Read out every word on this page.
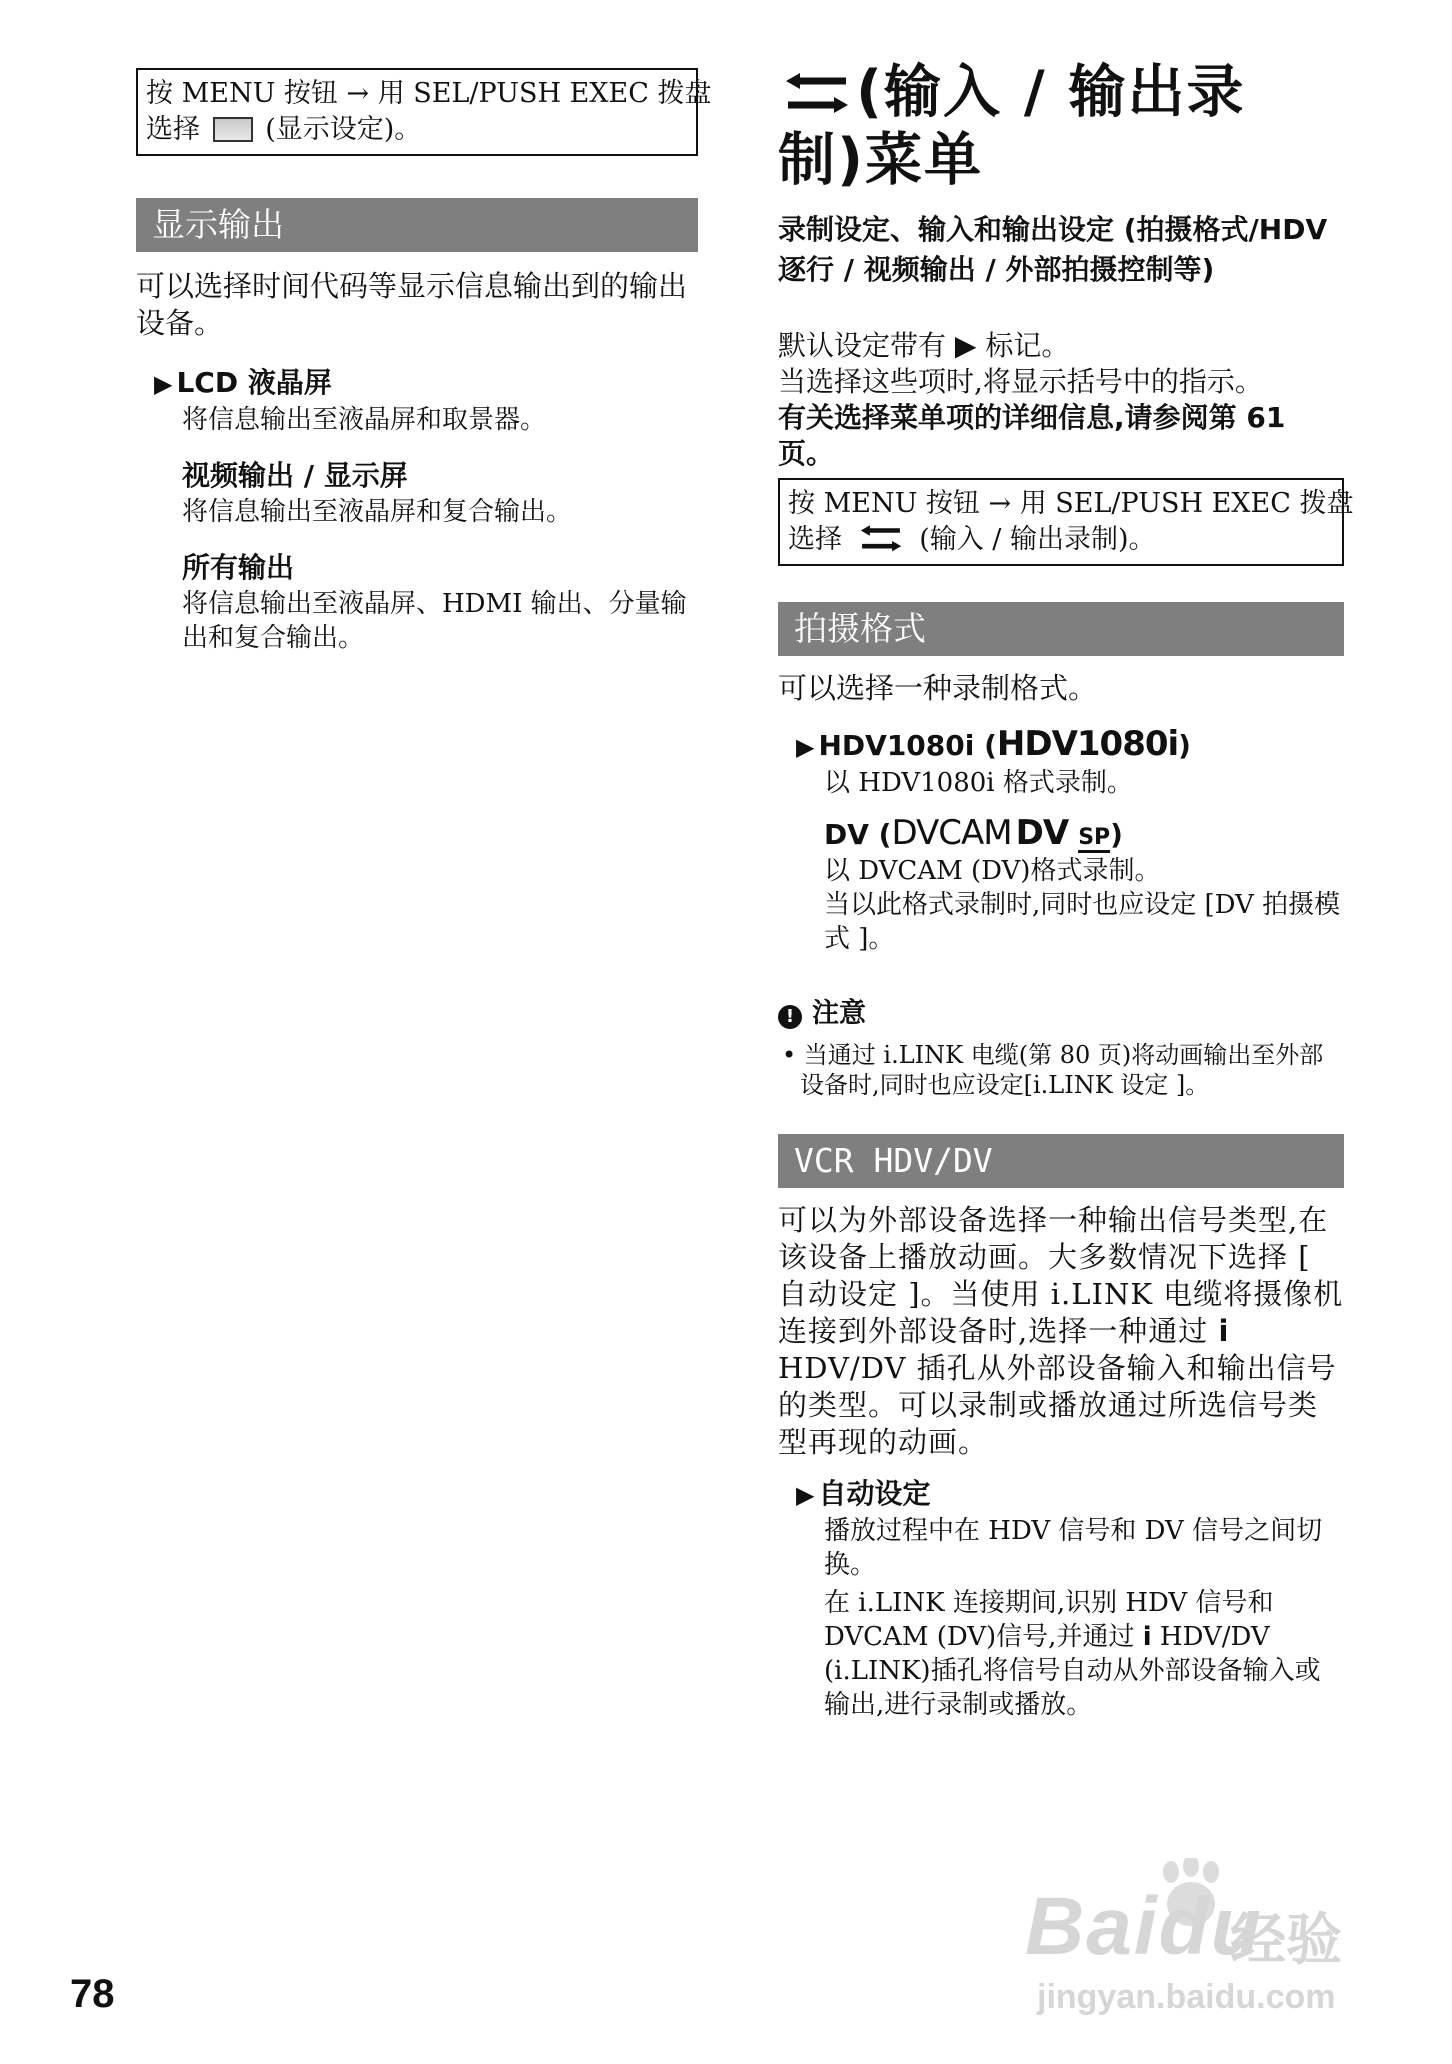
按 MENU 按钮 → 用 SEL/PUSH EXEC 拨盘
选择 (显示设定)。
显示输出
可以选择时间代码等显示信息输出到的输出设备。
▶ LCD 液晶屏
将信息输出至液晶屏和取景器。
视频输出 / 显示屏
将信息输出至液晶屏和复合输出。
所有输出
将信息输出至液晶屏、HDMI 输出、分量输出和复合输出。
(输入 / 输出录
制)菜单
录制设定、输入和输出设定 (拍摄格式/HDV 逐行 / 视频输出 / 外部拍摄控制等)
默认设定带有 ▶ 标记。
当选择这些项时,将显示括号中的指示。
有关选择菜单项的详细信息,请参阅第 61 页。
按 MENU 按钮 → 用 SEL/PUSH EXEC 拨盘
选择	(输入 / 输出录制)。
拍摄格式
可以选择一种录制格式。
▶ HDV1080i (HDV1080i)
以 HDV1080i 格式录制。
DV (DVCAM DV SP)
以 DVCAM (DV)格式录制。
当以此格式录制时,同时也应设定 [DV 拍摄模式 ]。
! 注意
• 当通过 i.LINK 电缆(第 80 页)将动画输出至外部设备时,同时也应设定[i.LINK 设定 ]。
VCR HDV/DV
可以为外部设备选择一种输出信号类型,在该设备上播放动画。大多数情况下选择 [ 自动设定 ]。当使用 i.LINK 电缆将摄像机连接到外部设备时,选择一种通过 i HDV/DV 插孔从外部设备输入和输出信号的类型。可以录制或播放通过所选信号类型再现的动画。
▶ 自动设定
播放过程中在 HDV 信号和 DV 信号之间切换。
在 i.LINK 连接期间,识别 HDV 信号和 DVCAM (DV)信号,并通过 i HDV/DV (i.LINK)插孔将信号自动从外部设备输入或输出,进行录制或播放。
78
Baidu
经验
jingyan.baidu.com
